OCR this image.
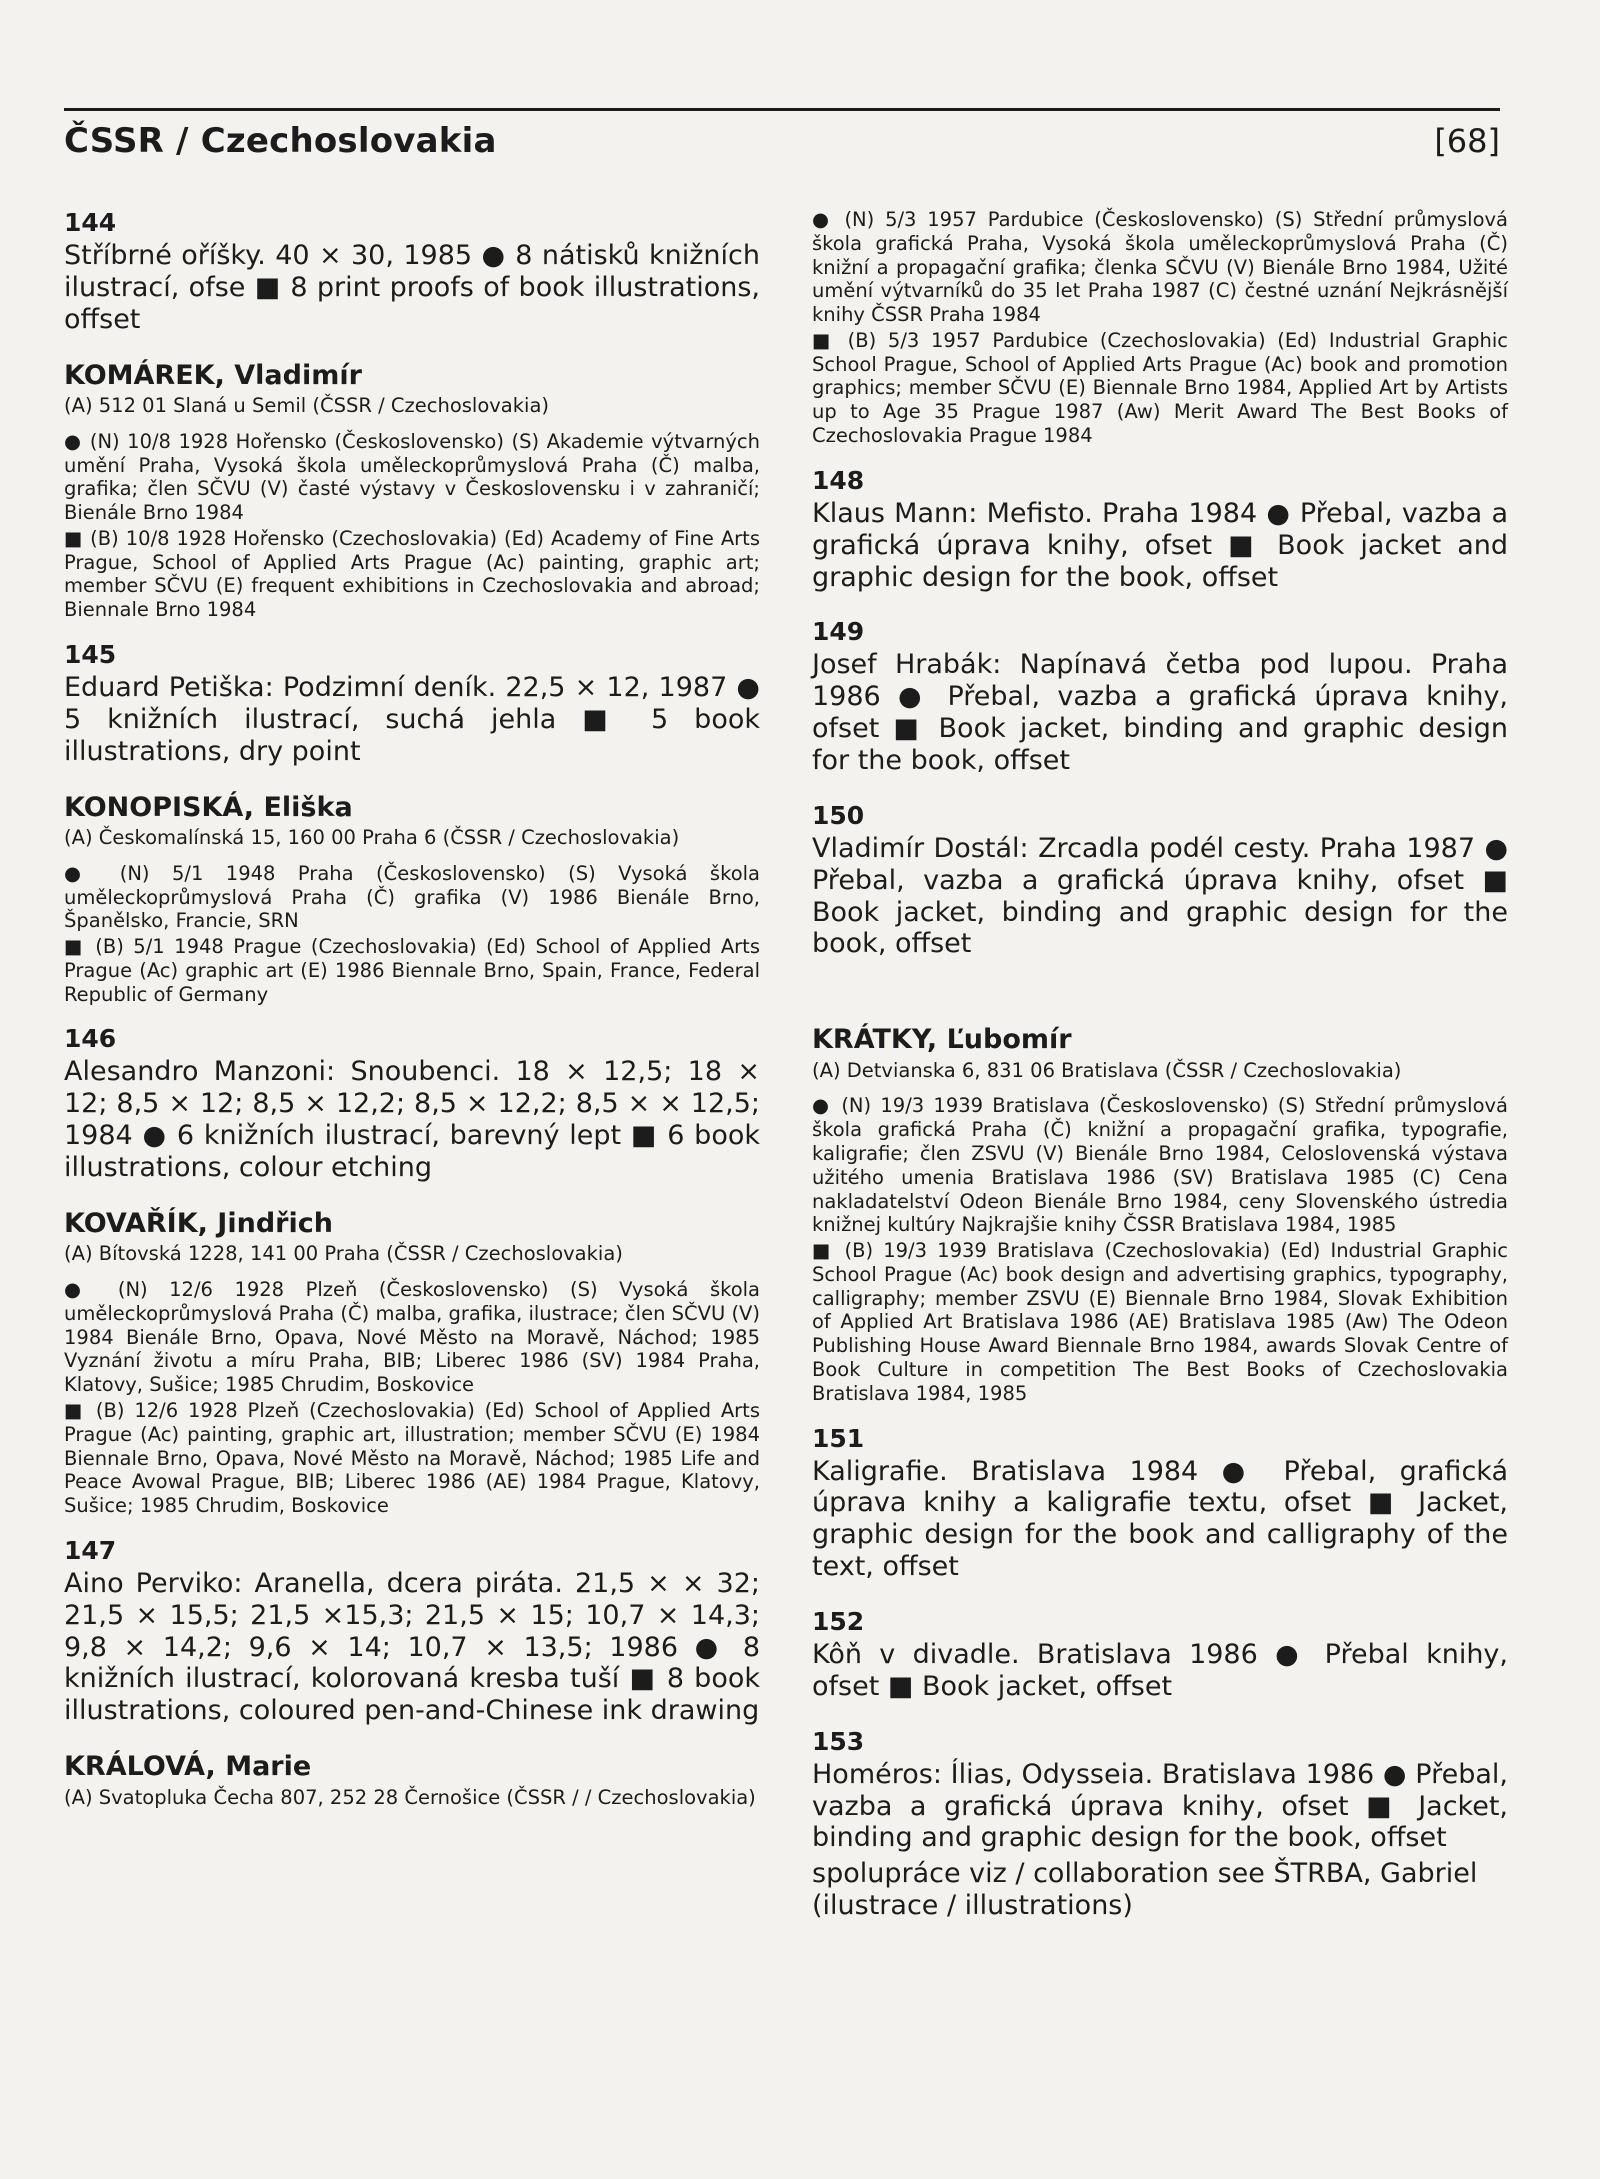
ČSSR / Czechoslovakia	[68]
144
Stříbrné oříšky. 40 × 30, 1985 ● 8 nátisků knižních ilustrací, ofse ■ 8 print proofs of book illustrations, offset
KOMÁREK, Vladimír
(A) 512 01 Slaná u Semil (ČSSR / Czechoslovakia)
● (N) 10/8 1928 Hořensko (Československo) (S) Akademie výtvarných umění Praha, Vysoká škola uměleckoprůmyslová Praha (Č) malba, grafika; člen SČVU (V) časté výstavy v Československu i v zahraničí; Bienále Brno 1984
■ (B) 10/8 1928 Hořensko (Czechoslovakia) (Ed) Academy of Fine Arts Prague, School of Applied Arts Prague (Ac) painting, graphic art; member SČVU (E) frequent exhibitions in Czechoslovakia and abroad; Biennale Brno 1984
145
Eduard Petiška: Podzimní deník. 22,5 × 12, 1987 ● 5 knižních ilustrací, suchá jehla ■ 5 book illustrations, dry point
KONOPISKÁ, Eliška
(A) Českomalínská 15, 160 00 Praha 6 (ČSSR / Czechoslovakia)
● (N) 5/1 1948 Praha (Československo) (S) Vysoká škola uměleckoprůmyslová Praha (Č) grafika (V) 1986 Bienále Brno, Španělsko, Francie, SRN
■ (B) 5/1 1948 Prague (Czechoslovakia) (Ed) School of Applied Arts Prague (Ac) graphic art (E) 1986 Biennale Brno, Spain, France, Federal Republic of Germany
146
Alesandro Manzoni: Snoubenci. 18 × 12,5; 18 × 12; 8,5 × 12; 8,5 × 12,2; 8,5 × 12,2; 8,5 × × 12,5; 1984 ● 6 knižních ilustrací, barevný lept ■ 6 book illustrations, colour etching
KOVAŘÍK, Jindřich
(A) Bítovská 1228, 141 00 Praha (ČSSR / Czechoslovakia)
● (N) 12/6 1928 Plzeň (Československo) (S) Vysoká škola uměleckoprůmyslová Praha (Č) malba, grafika, ilustrace; člen SČVU (V) 1984 Bienále Brno, Opava, Nové Město na Moravě, Náchod; 1985 Vyznání životu a míru Praha, BIB; Liberec 1986 (SV) 1984 Praha, Klatovy, Sušice; 1985 Chrudim, Boskovice
■ (B) 12/6 1928 Plzeň (Czechoslovakia) (Ed) School of Applied Arts Prague (Ac) painting, graphic art, illustration; member SČVU (E) 1984 Biennale Brno, Opava, Nové Město na Moravě, Náchod; 1985 Life and Peace Avowal Prague, BIB; Liberec 1986 (AE) 1984 Prague, Klatovy, Sušice; 1985 Chrudim, Boskovice
147
Aino Perviko: Aranella, dcera piráta. 21,5 × × 32; 21,5 × 15,5; 21,5 ×15,3; 21,5 × 15; 10,7 × 14,3; 9,8 × 14,2; 9,6 × 14; 10,7 × 13,5; 1986 ● 8 knižních ilustrací, kolorovaná kresba tuší ■ 8 book illustrations, coloured pen-and-Chinese ink drawing
KRÁLOVÁ, Marie
(A) Svatopluka Čecha 807, 252 28 Černošice (ČSSR / / Czechoslovakia)
● (N) 5/3 1957 Pardubice (Československo) (S) Střední průmyslová škola grafická Praha, Vysoká škola uměleckoprůmyslová Praha (Č) knižní a propagační grafika; členka SČVU (V) Bienále Brno 1984, Užité umění výtvarníků do 35 let Praha 1987 (C) čestné uznání Nejkrásnější knihy ČSSR Praha 1984
■ (B) 5/3 1957 Pardubice (Czechoslovakia) (Ed) Industrial Graphic School Prague, School of Applied Arts Prague (Ac) book and promotion graphics; member SČVU (E) Biennale Brno 1984, Applied Art by Artists up to Age 35 Prague 1987 (Aw) Merit Award The Best Books of Czechoslovakia Prague 1984
148
Klaus Mann: Mefisto. Praha 1984 ● Přebal, vazba a grafická úprava knihy, ofset ■ Book jacket and graphic design for the book, offset
149
Josef Hrabák: Napínavá četba pod lupou. Praha 1986 ● Přebal, vazba a grafická úprava knihy, ofset ■ Book jacket, binding and graphic design for the book, offset
150
Vladimír Dostál: Zrcadla podél cesty. Praha 1987 ● Přebal, vazba a grafická úprava knihy, ofset ■ Book jacket, binding and graphic design for the book, offset
KRÁTKY, Ľubomír
(A) Detvianska 6, 831 06 Bratislava (ČSSR / Czechoslovakia)
● (N) 19/3 1939 Bratislava (Československo) (S) Střední průmyslová škola grafická Praha (Č) knižní a propagační grafika, typografie, kaligrafie; člen ZSVU (V) Bienále Brno 1984, Celoslovenská výstava užitého umenia Bratislava 1986 (SV) Bratislava 1985 (C) Cena nakladatelství Odeon Bienále Brno 1984, ceny Slovenského ústredia knižnej kultúry Najkrajšie knihy ČSSR Bratislava 1984, 1985
■ (B) 19/3 1939 Bratislava (Czechoslovakia) (Ed) Industrial Graphic School Prague (Ac) book design and advertising graphics, typography, calligraphy; member ZSVU (E) Biennale Brno 1984, Slovak Exhibition of Applied Art Bratislava 1986 (AE) Bratislava 1985 (Aw) The Odeon Publishing House Award Biennale Brno 1984, awards Slovak Centre of Book Culture in competition The Best Books of Czechoslovakia Bratislava 1984, 1985
151
Kaligrafie. Bratislava 1984 ● Přebal, grafická úprava knihy a kaligrafie textu, ofset ■ Jacket, graphic design for the book and calligraphy of the text, offset
152
Kôň v divadle. Bratislava 1986 ● Přebal knihy, ofset ■ Book jacket, offset
153
Homéros: Ílias, Odysseia. Bratislava 1986 ● Přebal, vazba a grafická úprava knihy, ofset ■ Jacket, binding and graphic design for the book, offset
spolupráce viz / collaboration see ŠTRBA, Gabriel (ilustrace / illustrations)
